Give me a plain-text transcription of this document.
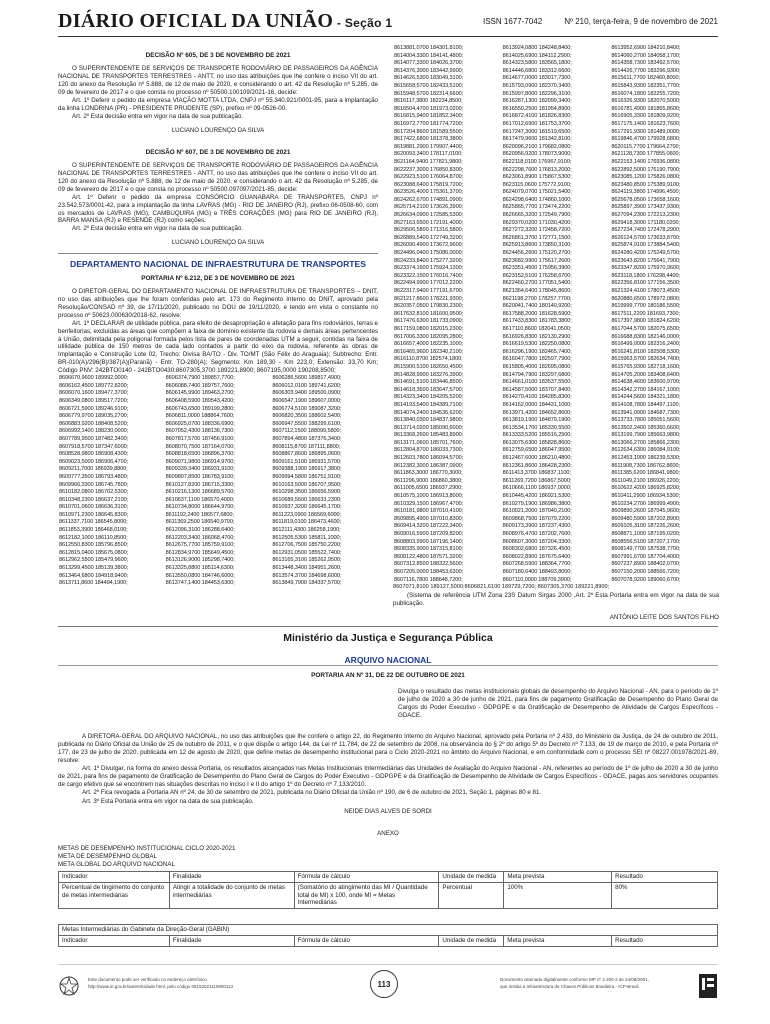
DIÁRIO OFICIAL DA UNIÃO - Seção 1	ISSN 1677-7042	Nº 210, terça-feira, 9 de novembro de 2021

DECISÃO Nº 605, DE 3 DE NOVEMBRO DE 2021

O SUPERINTENDENTE DE SERVIÇOS DE TRANSPORTE RODOVIÁRIO DE PASSAGEIROS DA AGÊNCIA NACIONAL DE TRANSPORTES TERRESTRES - ANTT, no uso das atribuições que lhe confere o inciso VII do art. 120 do anexo da Resolução nº 5.888, de 12 de maio de 2020, e considerando o art. 42 da Resolução nº 5.285, de 09 de fevereiro de 2017 e o que consta no processo nº 50500.100109/2021-16, decide:

Art. 1º Deferir o pedido da empresa VIAÇÃO MOTTA LTDA, CNPJ nº 55.340.921/0001-95, para a implantação da linha LONDRINA (PR) - PRESIDENTE PRUDENTE (SP), prefixo nº 09-0526-00.

Art. 2º Esta decisão entra em vigor na data de sua publicação.

LUCIANO LOURENÇO DA SILVA

DECISÃO Nº 607, DE 3 DE NOVEMBRO DE 2021

O SUPERINTENDENTE DE SERVIÇOS DE TRANSPORTE RODOVIÁRIO DE PASSAGEIROS DA AGÊNCIA NACIONAL DE TRANSPORTES TERRESTRES - ANTT, no uso das atribuições que lhe confere o inciso VII do art. 120 do anexo da Resolução nº 5.888, de 12 de maio de 2020, e considerando o art. 42 da Resolução nº 5.285, de 09 de fevereiro de 2017 e o que consta no processo nº 50500.097097/2021-85, decide:

Art. 1º Deferir o pedido da empresa CONSÓRCIO GUANABARA DE TRANSPORTES, CNPJ nº 23.542.573/0001-42, para a implantação da linha LAVRAS (MG) - RIO DE JANEIRO (RJ), prefixo 06-0508-60, com os mercados de LAVRAS (MG), CAMBUQUIRA (MG) e TRÊS CORAÇÕES (MG) para RIO DE JANEIRO (RJ), BARRA MANSA (RJ) e RESENDE (RJ) como seções.

Art. 2º Esta decisão entra em vigor na data de sua publicação.

LUCIANO LOURENÇO DA SILVA

DEPARTAMENTO NACIONAL DE INFRAESTRUTURA DE TRANSPORTES

PORTARIA Nº 6.212, DE 3 DE NOVEMBRO DE 2021

O DIRETOR-GERAL DO DEPARTAMENTO NACIONAL DE INFRAESTRUTURA DE TRANSPORTES – DNIT, no uso das atribuições que lhe foram conferidas pelo art. 173 do Regimento Interno do DNIT, aprovado pela Resolução/CONSAD nº 39, de 17/11/2020, publicado no DOU de 19/11/2020, e tendo em vista o constante no processo nº 50623.000630/2018-62, resolve:

Art. 1º DECLARAR de utilidade pública, para efeito de desapropriação e afetação para fins rodoviários, terras e benfeitorias, excluídas as áreas que compõem a faixa de domínio existente da rodovia e demais áreas pertencentes à União, delimitada pela poligonal formada pelos lista de pares de coordenadas UTM a seguir, contidas na faixa de utilidade pública de 150 metros de cada lado contados a partir do eixo da rodovia, referente às obras de Implantação e Construção Lote 02, Trecho: Divisa BA/TO - Div. TO/MT (São Félix do Araguaia); Subtrecho: Entr. BR-010(A)/296(B)/387(A)(Paranã) - Entr. TO-280(A); Segmento: Km 189,30 - Km 223,0; Extensão: 33,70 Km; Código PNV: 242BTO0140 - 242BTO0430:8607305,3700 189221,8900; 8607195,0000 190208,8500;

8606670,9600 189992,0000;	8606374,7900 189857,7700;	8606286,5600 189817,4900;
8606162,4500 189772,8200;	8606088,7400 189757,7600;	8606012,0100 189741,6200;
8606070,1600 189477,3700;	8606145,9900 189463,2700;	8606303,9400 189500,0900;
8606349,0800 189517,7200;	8606408,5900 189543,4200;	8606547,1900 189607,0000;
8606721,5900 189246,9100;	8606743,6500 189199,2800;	8606774,5100 189087,3200;
8606779,9700 189035,2700;	8606811,0000 188864,7600;	8606820,3500 188602,5400;
8606883,9200 188408,5200;	8606925,0700 188336,6900;	8606947,5500 188299,6100;
8606992,1400 188230,0000;	8607052,4300 188136,7300;	8607112,1500 188099,5800;
8607789,9500 187482,3400;	8607817,5700 187456,9100;	8607894,4800 187376,3400;
8607918,5700 187347,6000;	8608070,7500 187164,0700;	8608115,8700 187111,8800;
8608528,9800 186908,4300;	8608818,6500 186896,3700;	8608867,8600 186895,0600;
8609023,5000 186906,4700;	8609071,9800 186914,9700;	8609161,5100 186931,5700;
8609211,7000 186939,8800;	8609339,3400 186931,9100;	8609388,1900 186917,3800;
8609777,3500 186793,4800;	8609807,8500 186783,9100;	8609994,5800 186751,9100;
8609966,3300 186745,7800;	8610127,8200 186715,3300;	8610163,5000 186707,9500;
8610182,0800 186702,5300;	8610216,1300 186689,5700;	8610298,3500 186656,5900;
8610348,2300 186637,2100;	8610637,1100 186570,4000;	8610689,5600 186633,2300;
8610701,0600 186636,3100;	8610734,8000 186644,9700;	8610937,3200 186645,1700;
8610971,2300 186645,8300;	8611192,2400 186577,6800;	8611223,0900 186569,6000;
8611337,7100 186545,8000;	8611369,2500 186540,9700;	8611819,0100 186473,4600;
8611853,3900 186468,0100;	8612096,3100 186288,6400;	8612111,4300 186258,1900;
8612182,1000 186110,8500;	8612203,3400 186068,4700;	8612505,5300 185811,1000;
8612550,8300 185796,8500;	8612675,7700 185759,9100;	8612706,7500 185750,2200;
8612815,0400 185675,0800;	8612834,9700 185649,4500;	8612931,0500 185522,7400;
8612962,5500 185479,9600;	8613126,9000 185298,7400;	8613165,3100 185262,9500;
8613299,4500 185139,3800;	8613325,8800 185114,6300;	8613448,3400 184951,2600;
8613464,6800 184918,9400;	8613550,0800 184746,6000;	8613574,3700 184698,6000;
8613711,8600 184494,1900;	8613747,1400 184453,6300;	8613849,7900 184337,5700;
8613881,0700 184301,8100;	8613924,0800 184248,8400;	8613952,6900 184210,8400;
8614004,3300 184141,4800;	8614025,6900 184112,2900;	8614060,2700 184058,1700;
8614077,3300 184026,3700;	8614323,5800 183565,1800;	8614358,7300 183492,5700;
8614376,3000 183442,9900;	8614446,6800 183312,6600;	8614426,7700 183296,9300;
8614626,5300 183049,3100;	8614677,0000 183017,7300;	8615611,7700 182460,8000;
8615658,5700 182433,5100;	8615793,0900 182370,3400;	8615843,9300 182351,7700;
8615948,5700 182314,6600;	8615997,8000 182296,3100;	8616074,1800 182255,7200;
8616117,3800 182234,8500;	8616287,1300 182099,3400;	8616326,9300 182070,5000;
8616504,4700 181973,0200;	8616550,2500 181954,8900;	8616781,4900 181865,8600;
8616815,9400 181852,3400;	8616872,4100 181826,8300;	8616905,3300 181809,9200;
8616972,7700 181774,7200;	8617012,6900 181753,3700;	8617175,1400 181623,7600;
8617204,8600 181589,5500;	8617247,3000 181519,6500;	8617291,9300 181489,0000;
8617422,6800 181378,3800;	8617479,9600 181342,8100;	8619846,4700 179928,6800;
8619881,2900 179907,4400;	8620096,2100 179682,0800;	8620115,7700 179664,2700;
8620093,3400 178117,0100;	8620956,9200 178073,9000;	8621128,7300 177855,0600;
8621164,9400 177821,9800;	8622118,0100 176967,9100;	8622153,1400 176936,0800;
8622237,3000 176850,8300;	8622298,7600 176813,2000;	8622892,5000 176190,7900;
8622923,5100 176064,8700;	8623061,8900 175867,5300;	8623085,1200 175826,0800;
8623088,6400 175819,7200;	8623115,0600 175772,9100;	8623480,8500 175389,9100;
8623526,4000 175361,3700;	8624079,0700 175021,5400;	8624119,3800 174996,4500;
8624262,6700 174891,0900;	8624298,6400 174860,1000;	8625678,0500 173658,1600;
8625714,2100 173626,3900;	8625865,7700 173474,2200;	8625897,3900 173437,9300;
8626634,0900 172585,5300;	8626665,3200 172549,7900;	8627094,2300 172213,2300;
8627163,6500 172191,4000;	8629370,0200 171030,4200;	8629418,3000 171180,0200;
8629506,5800 171316,5800;	8627272,3200 172458,7200;	8627234,7400 172478,2900;
8626889,5400 172749,3200;	8626861,3700 172771,1500;	8626124,5700 173633,8700;
8626090,4900 173672,9600;	8625913,8600 173850,3100;	8625874,9100 173884,5400;
8624496,0400 175086,0000;	8624456,2600 175120,2700;	8624280,4200 175249,5700;
8624233,8400 175277,3200;	8623682,9900 175617,2600;	8623643,8200 175641,7900;
8623374,1600 175924,1300;	8623351,4500 175956,3900;	8623347,8200 175970,9600;
8623322,1500 176016,7400;	8623152,5100 176258,6700;	8623118,1800 176298,4400;
8622494,9900 177012,2200;	8622460,2700 177051,5400;	8622356,8100 177156,3500;
8622317,9400 177191,6700;	8621364,6400 178045,8600;	8621324,4100 178073,4500;
8621217,8600 178221,9300;	8621198,2700 178257,7700;	8620880,6500 178972,0800;
8620357,0500 179830,2300;	8620041,7400 180140,9200;	8619999,7700 180186,5500;
8617632,8100 181600,9500;	8617588,2000 181628,5900;	8617511,2200 181693,7300;
8617476,6300 181733,0900;	8617433,8300 181783,3800;	8617397,9800 181824,6200;
8617159,0800 182015,2300;	8617110,8600 182041,0500;	8617044,5700 182075,6500;
8617006,3300 182095,2800;	8616926,8300 182130,2900;	8616688,8300 182146,0000;
8616657,4000 182235,1000;	8616619,5300 182250,0800;	8616499,0000 182316,2400;
8616465,9600 182340,2100;	8616296,1900 182465,7400;	8616241,8100 182508,5300;
8616110,8700 182574,1800;	8616047,7800 182597,7900;	8615963,5700 182634,7400;
8615900,5100 182650,4500;	8615805,4000 182695,0800;	8615765,9300 182718,1600;
8614828,9900 183276,3900;	8614794,7900 183297,6800;	8614705,2000 183408,6400;
8614691,5100 183446,8500;	8614661,0100 183537,5500;	8614638,4600 183600,9700;
8614618,3600 183647,5700;	8614587,5000 183707,8400;	8614342,2700 184167,1000;
8614323,3400 184205,5200;	8614270,4100 184285,8300;	8614244,5600 184321,1800;
8614193,5400 184389,7100;	8614162,0000 184431,1000;	8614108,7800 184497,1100;
8614074,2400 184536,6200;	8613971,4200 184652,8600;	8613941,0900 184687,7300;
8613840,0300 184837,9800;	8613819,1900 184879,1900;	8613733,7800 185051,5600;
8613714,0200 185090,6000;	8613534,1700 185330,5500;	8613502,2400 185360,6600;
8613368,2600 185483,8900;	8613333,5200 185516,2500;	8613199,7900 185663,9800;
8613171,0600 185701,7600;	8613075,6300 185828,8600;	8613066,2700 185866,2300;
8612804,8700 186033,7300;	8612759,6500 186047,9500;	8612634,6300 186084,9100;
8612603,7800 186094,5700;	8612467,6000 186210,4800;	8612453,1000 186239,5300;
8612382,3000 186387,0900;	8612361,8600 186428,2300;	8611908,7300 186762,8600;
8611863,3000 186770,3000;	8611413,3700 186837,1100;	8611385,6200 186841,9800;
8611296,9000 186860,3800;	8611269,7200 186867,5000;	8611049,2100 186926,2200;
8611005,6500 186937,2900;	8610666,1100 186937,0000;	8610622,4200 186925,8200;
8610575,1000 186913,8000;	8610445,4200 186921,5300;	8610411,2900 186934,5300;
8610329,1500 186967,4700;	8610279,1900 186986,3800;	8610234,2700 186999,4900;
8610181,9800 187010,4100;	8610021,2000 187040,2100;	8609890,2600 187045,9600;
8609895,4900 187010,8300;	8609868,7500 187079,2200;	8609480,5900 187202,8900;
8609414,3200 187222,3400;	8609173,3900 187237,4300;	8609105,3100 187226,2600;
8609016,5900 187209,8200;	8608976,4700 187202,7600;	8608871,1000 187195,0200;
8608803,9900 187196,1400;	8608607,3000 187204,3300;	8608556,5100 187207,1700;
8608335,9000 187315,8100;	8608302,6800 187326,4500;	8608149,7700 187538,7700;
8608122,4800 187571,3200;	8608022,8900 187675,6400;	8607991,6700 187704,4000;
8607312,8500 188322,5600;	8607268,5900 188364,7700;	8607237,8900 188402,0700;
8607205,0000 188453,6300;	8607180,6400 188493,8000;	8607150,2000 188566,7200;
8607116,7800 188648,7200;	8607110,0000 188709,3900;	8607078,9200 189060,6700;
8607071,8100 189127,5000;8606821,6100 189729,7200; 8607305,3700 189221,8900;

(Sistema de referência UTM Zona 23S Datum Sirgas 2000 ,Art. 2º Esta Portaria entra em vigor na data de sua publicação.

ANTÔNIO LEITE DOS SANTOS FILHO

Ministério da Justiça e Segurança Pública
ARQUIVO NACIONAL
PORTARIA AN Nº 31, DE 22 DE OUTUBRO DE 2021
Divulga o resultado das metas institucionais globais de desempenho do Arquivo Nacional - AN, para o período de 1º de julho de 2020 a 30 de junho de 2021, para fins de pagamento Gratificação de Desempenho do Plano Geral de Cargos do Poder Executivo - GDPGPE e da Gratificação de Desempenho de Atividade de Cargos Específicos - GDACE.

A DIRETORA-GERAL DO ARQUIVO NACIONAL, no uso das atribuições que lhe confere o artigo 22, do Regimento Interno do Arquivo Nacional, aprovado pela Portaria nº 2.433, do Ministério da Justiça, de 24 de outubro de 2011, publicada no Diário Oficial da União de 25 de outubro de 2011, e o que dispõe o artigo 144, da Lei nº 11.784, de 22 de setembro de 2008, na observância do § 2º do artigo 5º do Decreto nº 7.133, de 19 de março de 2010, e pela Portaria nº 177, de 23 de julho de 2020, publicada em 12 de agosto de 2020, que define metas de desempenho institucional para o Ciclo 2020-2021 no âmbito do Arquivo Nacional, e em conformidade com o processo SEI nº 08227.001978/2021-89, resolve:

Art. 1º Divulgar, na forma do anexo dessa Portaria, os resultados alcançados nas Metas Institucionais Intermediárias das Unidades de Avaliação do Arquivo Nacional - AN, referentes ao período de 1º de julho de 2020 a 30 de junho de 2021, para fins de pagamento de Gratificação de Desempenho do Plano Geral de Cargos do Poder Executivo - GDPGPE e da Gratificação de Desempenho de Atividade de Cargos Específicos - GDACE, pagas aos servidores ocupantes de cargo efetivo que se encontrem nas situações descritas no inciso I e II do artigo 1º do Decreto nº 7.133/2010.

Art. 2º Fica revogada a Portaria AN nº 24, de 30 de setembro de 2021, publicada no Diário Oficial da União nº 190, de 6 de outubro de 2021, Seção 1, páginas 80 e 81.

Art. 3º Esta Portaria entra em vigor na data de sua publicação.

NEIDE DIAS ALVES DE SORDI
ANEXO
METAS DE DESEMPENHO INSTITUCIONAL CICLO 2020-2021
META DE DESEMPENHO GLOBAL
META GLOBAL DO ARQUIVO NACIONAL
Indicador	Finalidade	Fórmula de cálculo	Unidade de medida	Meta prevista	Resultado
Percentual de tingimento do conjunto de metas intermediárias	Atingir a totalidade do conjunto de metas intermediárias	(Somatório do atingimento das MI / Quantidade total de MI) x 100, onde MI = Metas Intermediárias	Percentual	100%	80%
Metas Intermediárias do Gabinete da Direção-Geral (GABIN)
Indicador	Finalidade	Fórmula de cálculo	Unidade de medida	Meta prevista	Resultado
Este documento pode ser verificado no endereço eletrônico
http://www.in.gov.br/autenticidade.html, pelo código 05152021110900113	113	Documento assinado digitalmente conforme MP nº 2.200-2 de 24/08/2001,
que institui a Infraestrutura de Chaves Públicas Brasileira - ICP-Brasil.
